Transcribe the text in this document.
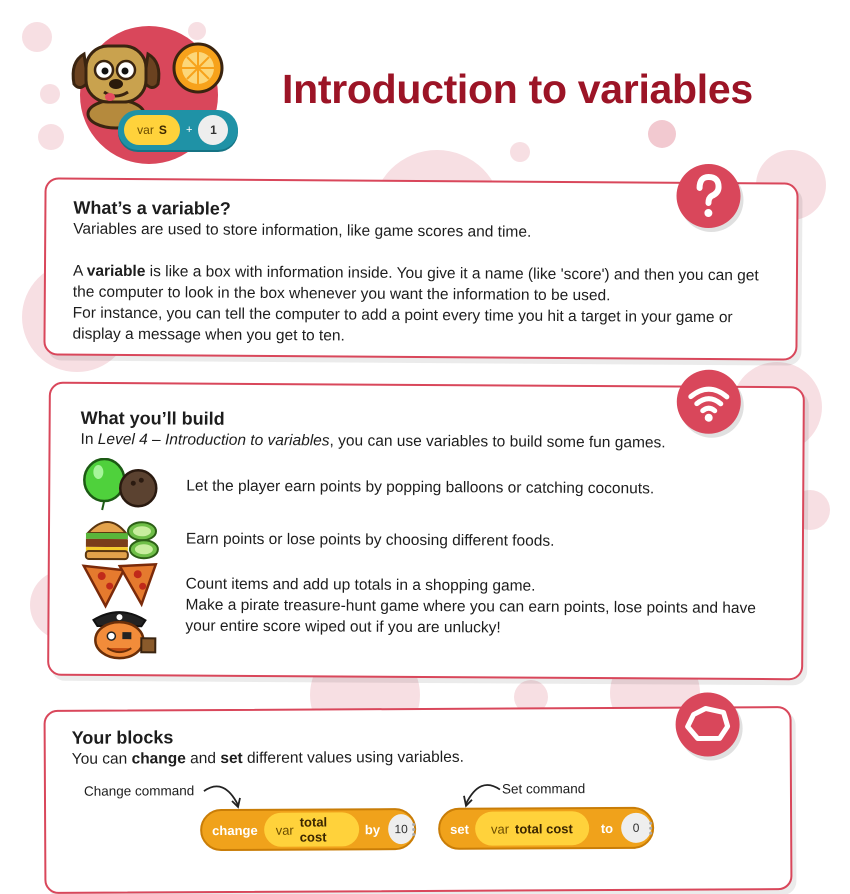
var S +	1
Introduction to variables
What’s a variable?

Variables are used to store information, like game scores and time.

A variable is like a box with information inside. You give it a name (like 'score') and then you can get the computer to look in the box whenever you want the information to be used.

For instance, you can tell the computer to add a point every time you hit a target in your game or display a message when you get to ten.

What you’ll build

In Level 4 – Introduction to variables, you can use variables to build some fun games.

Let the player earn points by popping balloons or catching coconuts.
Earn points or lose points by choosing different foods.
Count items and add up totals in a shopping game.
Make a pirate treasure-hunt game where you can earn points, lose points and have your entire score wiped out if you are unlucky!
Your blocks

You can change and set different values using variables.

Change command	Set command
change var
total cost
by 10	set var total cost to 0
